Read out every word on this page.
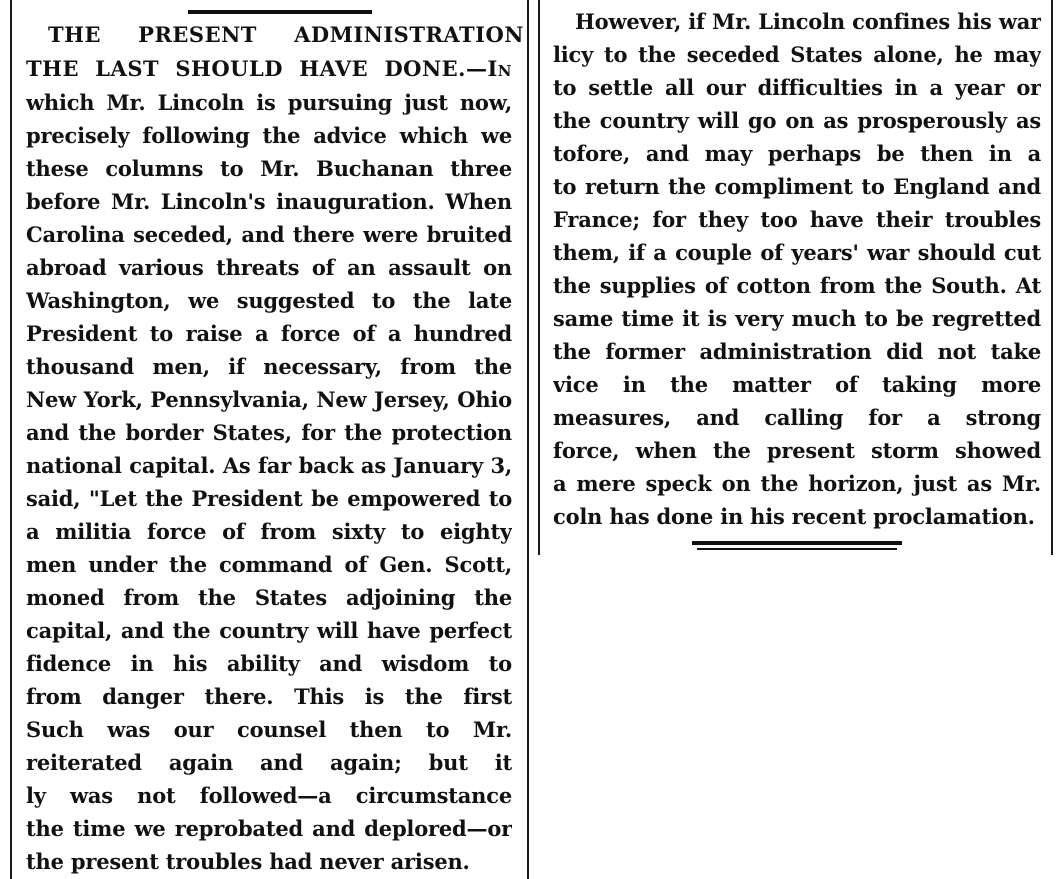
THE PRESENT ADMINISTRATION
THE LAST SHOULD HAVE DONE.—In
which Mr. Lincoln is pursuing just now,
precisely following the advice which we
these columns to Mr. Buchanan three
before Mr. Lincoln's inauguration. When
Carolina seceded, and there were bruited
abroad various threats of an assault on
Washington, we suggested to the late
President to raise a force of a hundred
thousand men, if necessary, from the
New York, Pennsylvania, New Jersey, Ohio
and the border States, for the protection
national capital. As far back as January 3,
said, "Let the President be empowered to
a militia force of from sixty to eighty
men under the command of Gen. Scott,
moned from the States adjoining the
capital, and the country will have perfect
fidence in his ability and wisdom to
from danger there. This is the first
Such was our counsel then to Mr.
reiterated again and again; but it
ly was not followed—a circumstance
the time we reprobated and deplored—or
the present troubles had never arisen.
However, if Mr. Lincoln confines his war
licy to the seceded States alone, he may
to settle all our difficulties in a year or
the country will go on as prosperously as
tofore, and may perhaps be then in a
to return the compliment to England and
France; for they too have their troubles
them, if a couple of years' war should cut
the supplies of cotton from the South. At
same time it is very much to be regretted
the former administration did not take
vice in the matter of taking more
measures, and calling for a strong
force, when the present storm showed
a mere speck on the horizon, just as Mr.
coln has done in his recent proclamation.
